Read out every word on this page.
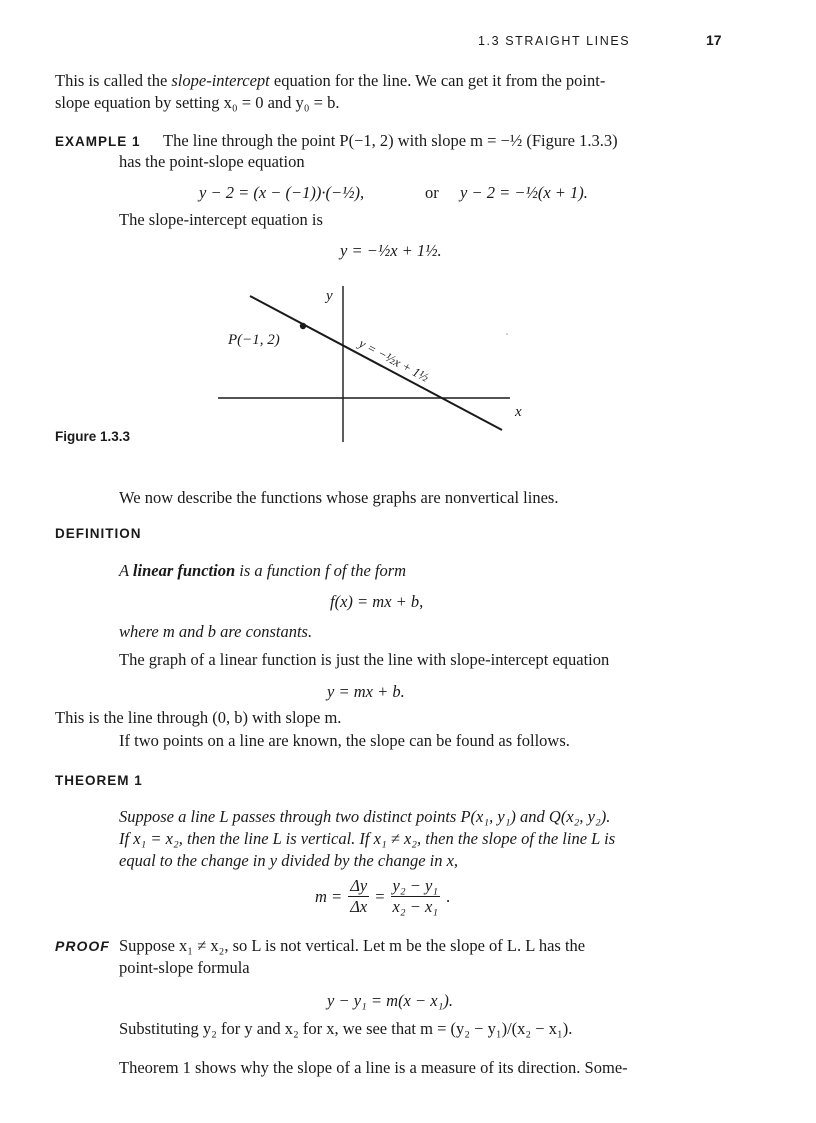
1.3 STRAIGHT LINES	17
This is called the slope-intercept equation for the line. We can get it from the point-
slope equation by setting x₀ = 0 and y₀ = b.
EXAMPLE 1 The line through the point P(−1, 2) with slope m = −½ (Figure 1.3.3)
has the point-slope equation
y − 2 = (x − (−1))·(−½),	or y − 2 = −½(x + 1).
The slope-intercept equation is
y = −½x + 1½.
y
x
P(−1, 2)	y = −½x + 1½
Figure 1.3.3
We now describe the functions whose graphs are nonvertical lines.
DEFINITION
A linear function is a function f of the form
f(x) = mx + b,
where m and b are constants.
The graph of a linear function is just the line with slope-intercept equation
y = mx + b.
This is the line through (0, b) with slope m.
If two points on a line are known, the slope can be found as follows.
THEOREM 1
Suppose a line L passes through two distinct points P(x₁, y₁) and Q(x₂, y₂).
If x₁ = x₂, then the line L is vertical. If x₁ ≠ x₂, then the slope of the line L is
equal to the change in y divided by the change in x,
$m = \frac{\Delta y}{\Delta x} = \frac{\text{y₂ − y₁}}{\text{x₂ − x₁}}$ .
PROOF Suppose x₁ ≠ x₂, so L is not vertical. Let m be the slope of L. L has the
point-slope formula
y − y₁ = m(x − x₁).
Substituting y₂ for y and x₂ for x, we see that m = (y₂ − y₁)/(x₂ − x₁).
Theorem 1 shows why the slope of a line is a measure of its direction. Some-
